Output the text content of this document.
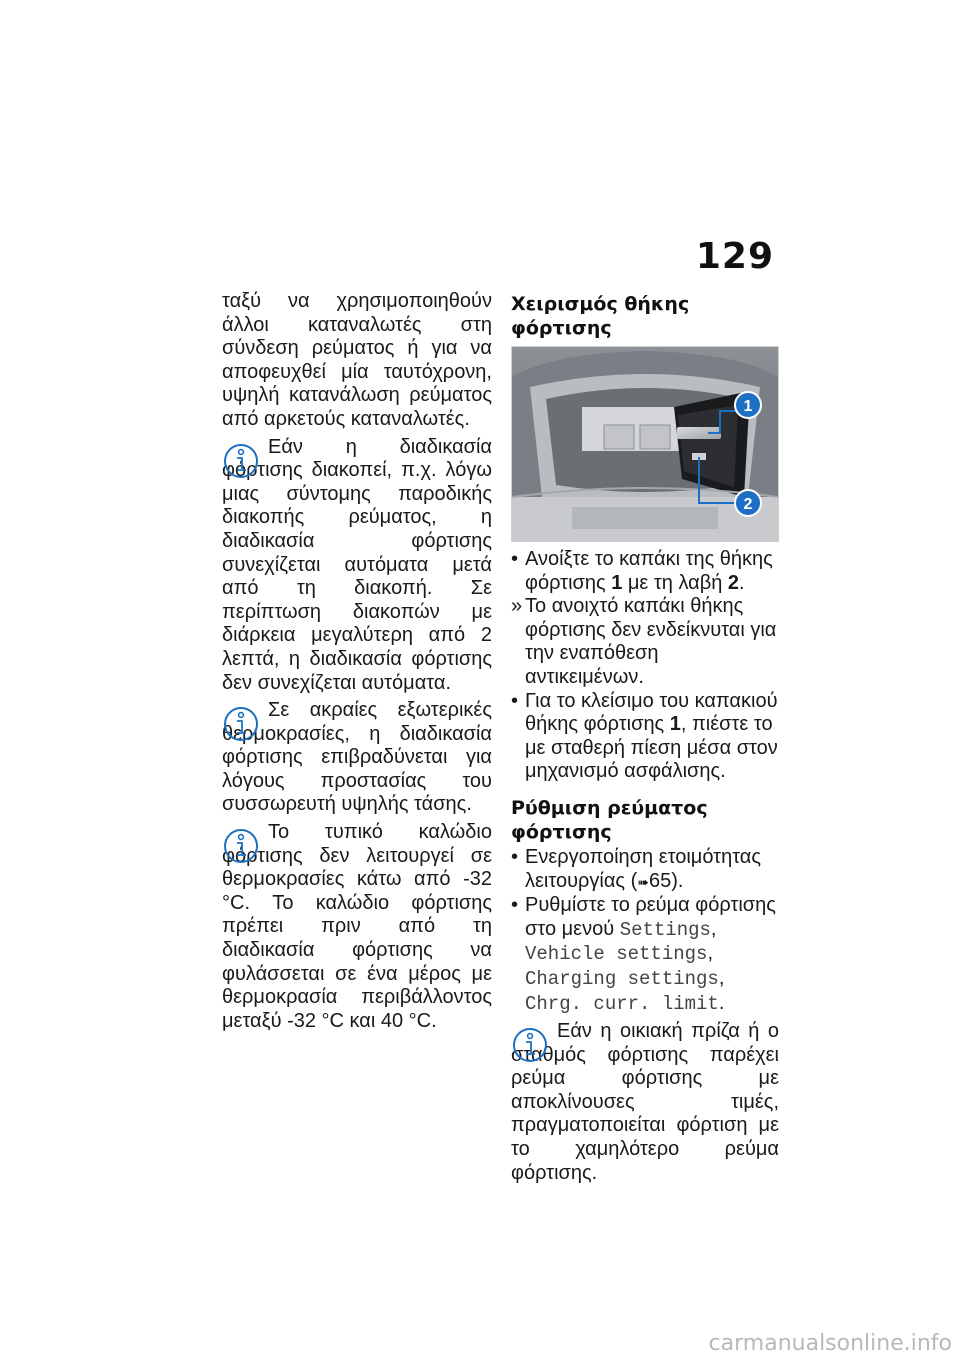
129

ταξύ να χρησιμοποιηθούν άλλοι καταναλωτές στη σύνδεση ρεύματος ή για να αποφευχθεί μία ταυτόχρονη, υψηλή κατανάλωση ρεύματος από αρκετούς καταναλωτές.

Εάν η διαδικασία φόρτισης διακοπεί, π.χ. λόγω μιας σύντομης παροδικής διακοπής ρεύματος, η διαδικασία φόρτισης συνεχίζεται αυτόματα μετά από τη διακοπή. Σε περίπτωση διακοπών με διάρκεια μεγαλύτερη από 2 λεπτά, η διαδικασία φόρτισης δεν συνεχίζεται αυτόματα.

Σε ακραίες εξωτερικές θερμοκρασίες, η διαδικασία φόρτισης επιβραδύνεται για λόγους προστασίας του συσσωρευτή υψηλής τάσης.

Το τυπικό καλώδιο φόρτισης δεν λειτουργεί σε θερμοκρασίες κάτω από -32 °C. Το καλώδιο φόρτισης πρέπει πριν από τη διαδικασία φόρτισης να φυλάσσεται σε ένα μέρος με θερμοκρασία περιβάλλοντος μεταξύ -32 °C και 40 °C.

Χειρισμός θήκης φόρτισης
1
2
• Ανοίξτε το καπάκι της θήκης φόρτισης 1 με τη λαβή 2.
» Το ανοιχτό καπάκι θήκης φόρτισης δεν ενδείκνυται για την εναπόθεση αντικειμένων.
• Για το κλείσιμο του καπακιού θήκης φόρτισης 1, πιέστε το με σταθερή πίεση μέσα στον μηχανισμό ασφάλισης.
Ρύθμιση ρεύματος φόρτισης
• Ενεργοποίηση ετοιμότητας λειτουργίας (➠65).
• Ρυθμίστε το ρεύμα φόρτισης στο μενού Settings, Vehicle settings, Charging settings, Chrg. curr. limit.

Εάν η οικιακή πρίζα ή ο σταθμός φόρτισης παρέχει ρεύμα φόρτισης με αποκλίνουσες τιμές, πραγματοποιείται φόρτιση με το χαμηλότερο ρεύμα φόρτισης.

carmanualsonline.info
